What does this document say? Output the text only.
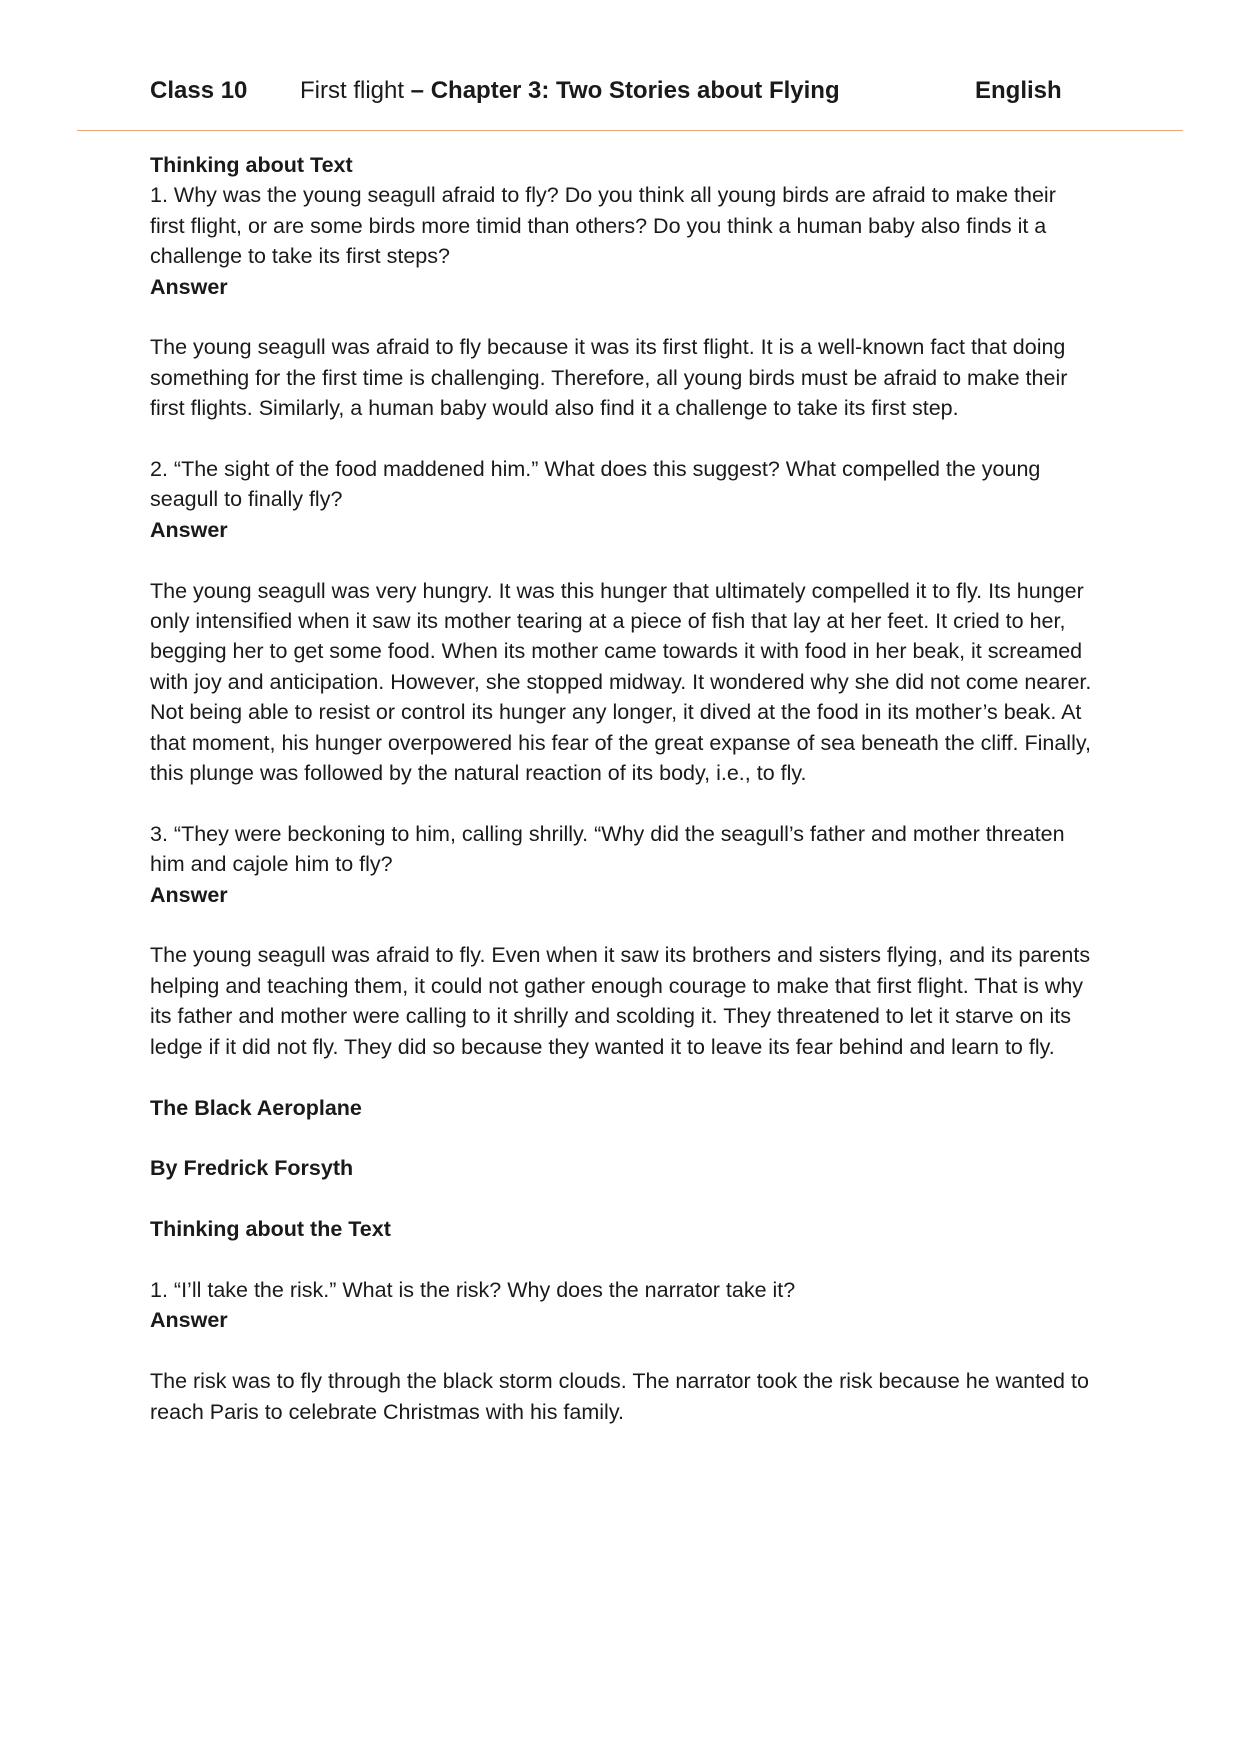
Class 10 First flight – Chapter 3: Two Stories about Flying	English

Thinking about Text

1. Why was the young seagull afraid to fly? Do you think all young birds are afraid to make their first flight, or are some birds more timid than others? Do you think a human baby also finds it a challenge to take its first steps?

Answer

The young seagull was afraid to fly because it was its first flight. It is a well-known fact that doing something for the first time is challenging. Therefore, all young birds must be afraid to make their first flights. Similarly, a human baby would also find it a challenge to take its first step.

2. “The sight of the food maddened him.” What does this suggest? What compelled the young seagull to finally fly?

Answer

The young seagull was very hungry. It was this hunger that ultimately compelled it to fly. Its hunger only intensified when it saw its mother tearing at a piece of fish that lay at her feet. It cried to her, begging her to get some food. When its mother came towards it with food in her beak, it screamed with joy and anticipation. However, she stopped midway. It wondered why she did not come nearer. Not being able to resist or control its hunger any longer, it dived at the food in its mother’s beak. At that moment, his hunger overpowered his fear of the great expanse of sea beneath the cliff. Finally, this plunge was followed by the natural reaction of its body, i.e., to fly.

3. “They were beckoning to him, calling shrilly. “Why did the seagull’s father and mother threaten him and cajole him to fly?

Answer

The young seagull was afraid to fly. Even when it saw its brothers and sisters flying, and its parents helping and teaching them, it could not gather enough courage to make that first flight. That is why its father and mother were calling to it shrilly and scolding it. They threatened to let it starve on its ledge if it did not fly. They did so because they wanted it to leave its fear behind and learn to fly.

The Black Aeroplane

By Fredrick Forsyth

Thinking about the Text

1. “I’ll take the risk.” What is the risk? Why does the narrator take it?

Answer

The risk was to fly through the black storm clouds. The narrator took the risk because he wanted to reach Paris to celebrate Christmas with his family.
